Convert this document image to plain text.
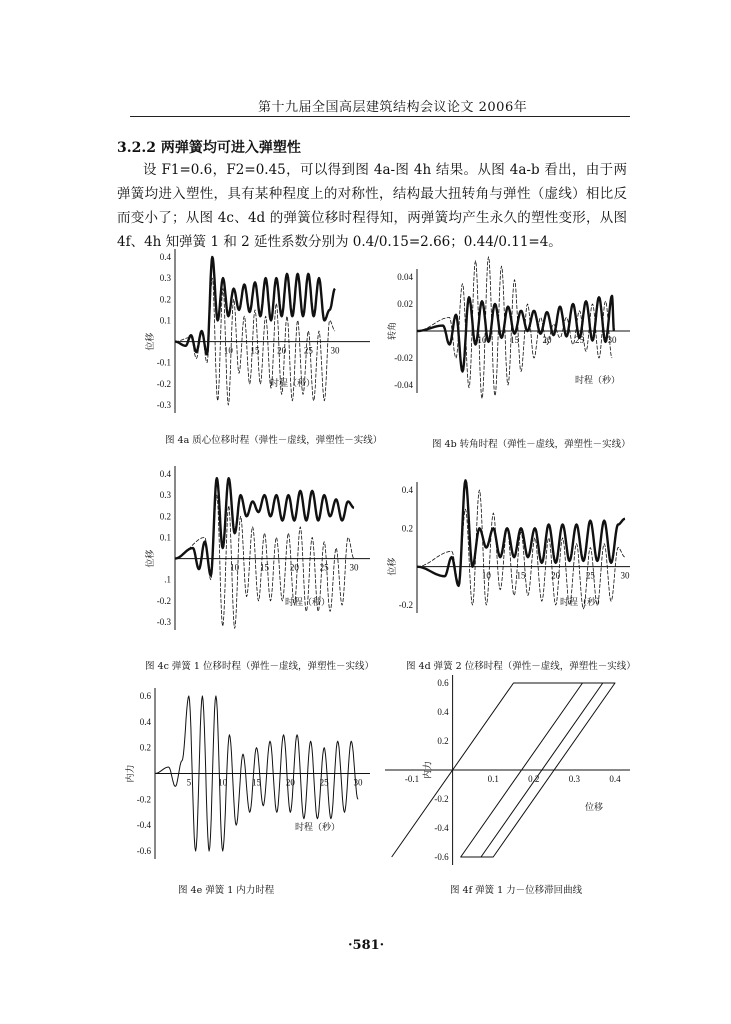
第十九届全国高层建筑结构会议论文 2006年
3.2.2 两弹簧均可进入弹塑性
设 F1=0.6，F2=0.45，可以得到图 4a-图 4h 结果。从图 4a-b 看出，由于两弹簧均进入塑性，具有某种程度上的对称性，结构最大扭转角与弹性（虚线）相比反而变小了；从图 4c、4d 的弹簧位移时程得知，两弹簧均产生永久的塑性变形，从图 4f、4h 知弹簧 1 和 2 延性系数分别为 0.4/0.15=2.66；0.44/0.11=4。
10 15 20 25 30
0.4
0.3
0.2
0.1
-0.1
-0.2
-0.3
时程（秒）
位移
图 4a 质心位移时程（弹性－虚线，弹塑性－实线）
10	15	20	25	30
0.04
0.02
-0.02
-0.04	时程（秒）
转角
图 4b 转角时程（弹性－虚线，弹塑性－实线）
10 15 20 25 30
0.4
0.3
0.2
0.1
.1
-0.2
-0.3
时程（秒）
位移
图 4c 弹簧 1 位移时程（弹性－虚线，弹塑性－实线）
10	15	20	25	30
0.4
0.2
-0.2	时程（秒）
位移
图 4d 弹簧 2 位移时程（弹性－虚线，弹塑性－实线）
5	10	15	20	25	30
0.6
0.4
0.2
-0.2
-0.4
-0.6
时程（秒）
内力
图 4e 弹簧 1 内力时程
-0.1	0.1	0.2	0.3	0.4
0.6
0.4
0.2
-0.2
-0.4
-0.6
位移
内力
图 4f 弹簧 1 力－位移滞回曲线
·581·
